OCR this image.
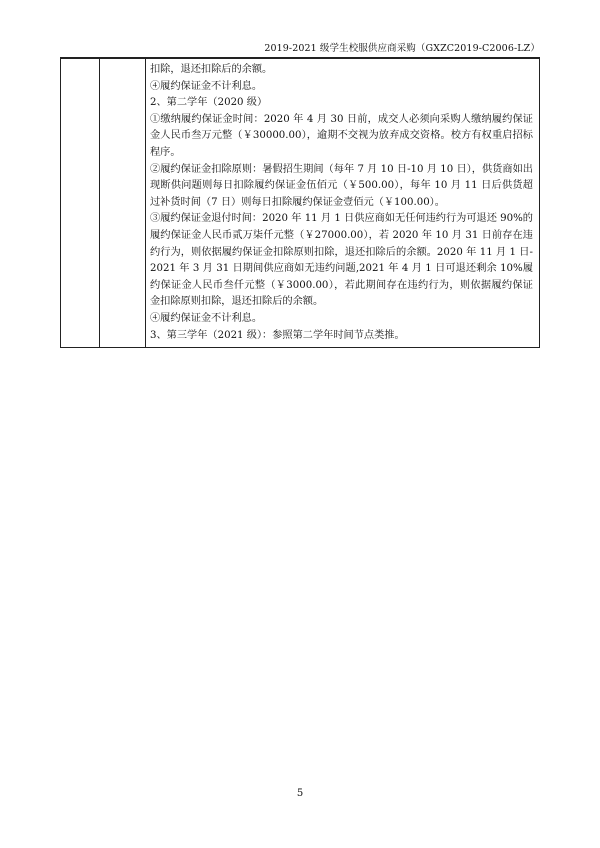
2019-2021 级学生校服供应商采购（GXZC2019-C2006-LZ）

扣除，退还扣除后的余额。
④履约保证金不计利息。
2、第二学年（2020 级）
①缴纳履约保证金时间：2020 年 4 月 30 日前，成交人必须向采购人缴纳履约保证金人民币叁万元整（￥30000.00），逾期不交视为放弃成交资格。校方有权重启招标程序。
②履约保证金扣除原则：暑假招生期间（每年 7 月 10 日-10 月 10 日），供货商如出现断供问题则每日扣除履约保证金伍佰元（￥500.00），每年 10 月 11 日后供货超过补货时间（7 日）则每日扣除履约保证金壹佰元（￥100.00）。
③履约保证金退付时间：2020 年 11 月 1 日供应商如无任何违约行为可退还 90%的履约保证金人民币贰万柒仟元整（￥27000.00），若 2020 年 10 月 31 日前存在违约行为，则依据履约保证金扣除原则扣除，退还扣除后的余额。2020 年 11 月 1 日-2021 年 3 月 31 日期间供应商如无违约问题,2021 年 4 月 1 日可退还剩余 10%履约保证金人民币叁仟元整（￥3000.00），若此期间存在违约行为，则依据履约保证金扣除原则扣除，退还扣除后的余额。
④履约保证金不计利息。
3、第三学年（2021 级）：参照第二学年时间节点类推。
5
